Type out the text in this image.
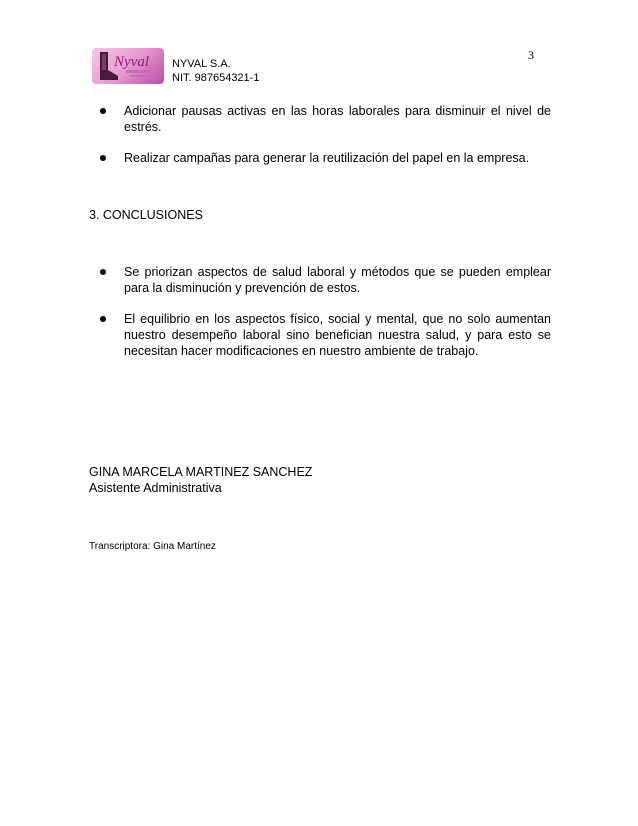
Nyval NYVAL S.A.
NIT. 987654321-1
3
Adicionar pausas activas en las horas laborales para disminuir el nivel de estrés.
Realizar campañas para generar la reutilización del papel en la empresa.
3. CONCLUSIONES
Se priorizan aspectos de salud laboral y métodos que se pueden emplear para la disminución y prevención de estos.
El equilibrio en los aspectos físico, social y mental, que no solo aumentan nuestro desempeño laboral sino benefician nuestra salud, y para esto se necesitan hacer modificaciones en nuestro ambiente de trabajo.
GINA MARCELA MARTINEZ SANCHEZ
Asistente Administrativa
Transcriptora: Gina Martínez
